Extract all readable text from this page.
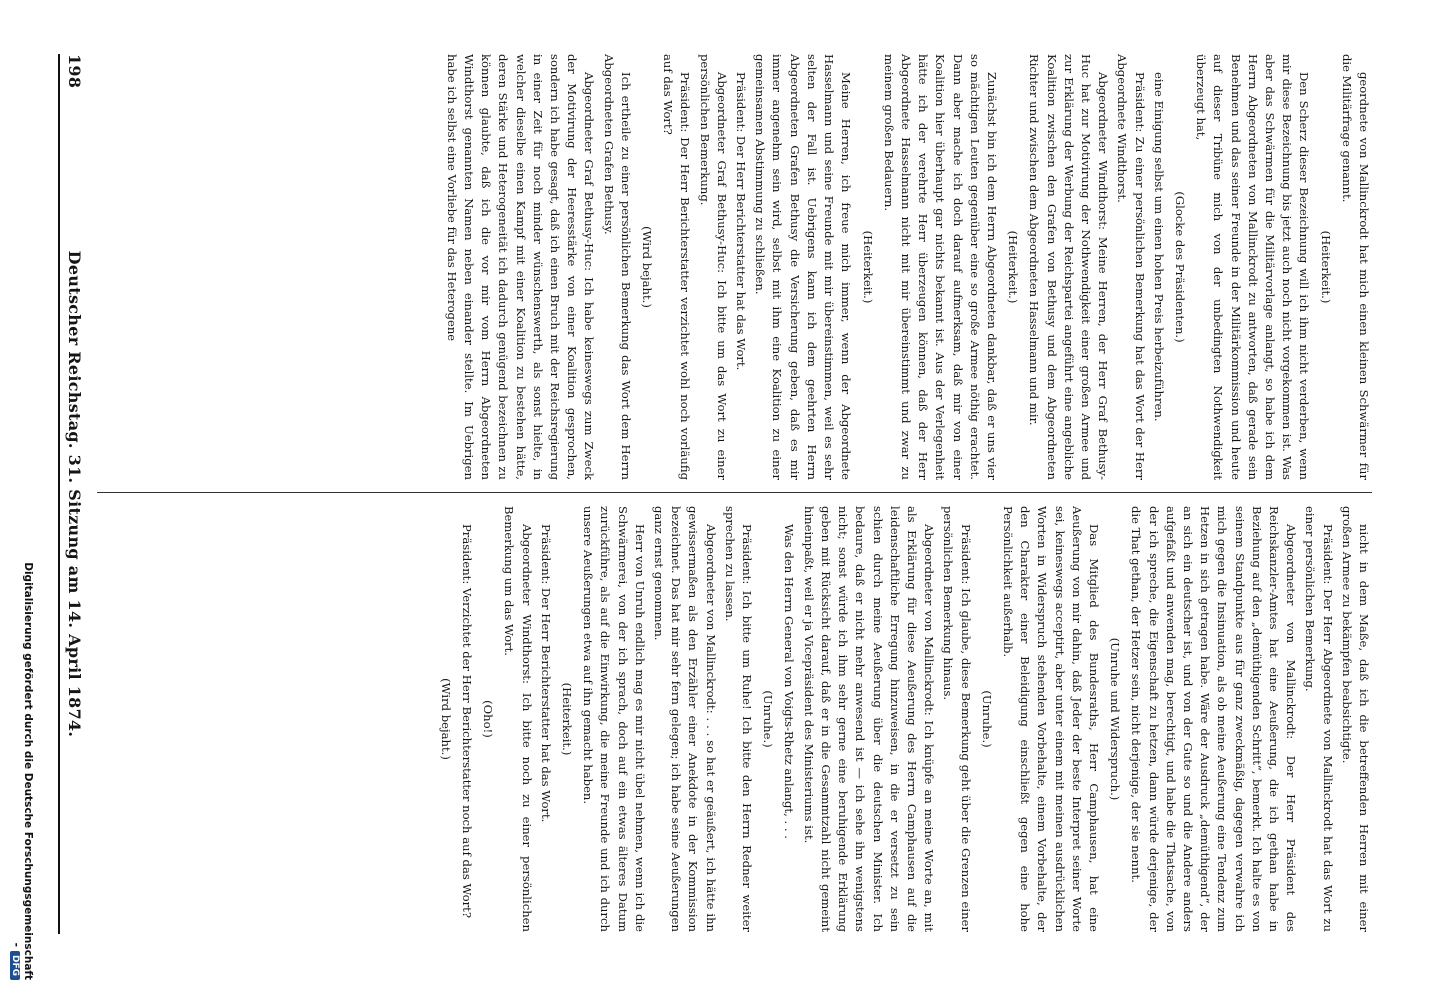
198
Deutscher Reichstag. 31. Sitzung am 14. April 1874.	geordnete von Mallinckrodt hat mich einen kleinen Schwärmer für die Militärfrage genannt.

(Heiterkeit.)

Den Scherz dieser Bezeichnung will ich ihm nicht verderben, wenn mir diese Bezeichnung bis jetzt auch noch nicht vorgekommen ist. Was aber das Schwärmen für die Militärvorlage anlangt, so habe ich dem Herrn Abgeordneten von Mallinckrodt zu antworten, daß gerade sein Benehmen und das seiner Freunde in der Militärkommission und heute auf dieser Tribüne mich von der unbedingten Nothwendigkeit überzeugt hat,

(Glocke des Präsidenten.)

eine Einigung selbst um einen hohen Preis herbeizuführen.

Präsident: Zu einer persönlichen Bemerkung hat das Wort der Herr Abgeordnete Windthorst.

Abgeordneter Windthorst: Meine Herren, der Herr Graf Bethusy-Huc hat zur Motivirung der Nothwendigkeit einer großen Armee und zur Erklärung der Werbung der Reichspartei angeführt eine angebliche Koalition zwischen den Grafen von Bethusy und dem Abgeordneten Richter und zwischen dem Abgeordneten Hasselmann und mir.

(Heiterkeit.)

Zunächst bin ich dem Herrn Abgeordneten dankbar, daß er uns vier so mächtigen Leuten gegenüber eine so große Armee nöthig erachtet. Dann aber mache ich doch darauf aufmerksam, daß mir von einer Koalition hier überhaupt gar nichts bekannt ist. Aus der Verlegenheit hätte ich der verehrte Herr überzeugen können, daß der Herr Abgeordnete Hasselmann nicht mit mir übereinstimmt und zwar zu meinem großen Bedauern.

(Heiterkeit.)

Meine Herren, ich freue mich immer, wenn der Abgeordnete Hasselmann und seine Freunde mit mir übereinstimmen, weil es sehr selten der Fall ist. Uebrigens kann ich dem geehrten Herrn Abgeordneten Grafen Bethusy die Versicherung geben, daß es mir immer angenehm sein wird, selbst mit ihm eine Koalition zu einer gemeinsamen Abstimmung zu schließen.

Präsident: Der Herr Berichterstatter hat das Wort.

Abgeordneter Graf Bethusy-Huc: Ich bitte um das Wort zu einer persönlichen Bemerkung.

Präsident: Der Herr Berichterstatter verzichtet wohl noch vorläufig auf das Wort?

(Wird bejaht.)

Ich ertheile zu einer persönlichen Bemerkung das Wort dem Herrn Abgeordneten Grafen Bethusy.

Abgeordneter Graf Bethusy-Huc: Ich habe keineswegs zum Zweck der Motivirung der Heeresstärke von einer Koalition gesprochen, sondern ich habe gesagt, daß ich einen Bruch mit der Reichsregierung in einer Zeit für noch minder wünschenswerth, als sonst hielte, in welcher dieselbe einen Kampf mit einer Koalition zu bestehen hätte, deren Stärke und Heterogeneität ich dadurch genügend bezeichnen zu können glaubte, daß ich die vor mir vom Herrn Abgeordneten Windthorst genannten Namen neben einander stellte. Im Uebrigen habe ich selbst eine Vorliebe für das Heterogene

nicht in dem Maße, daß ich die betreffenden Herren mit einer großen Armee zu bekämpfen beabsichtigte.

Präsident: Der Herr Abgeordnete von Mallinckrodt hat das Wort zu einer persönlichen Bemerkung.

Abgeordneter von Mallinckrodt: Der Herr Präsident des Reichskanzler-Amtes hat eine Aeußerung, die ich gethan habe in Beziehung auf den „demüthigenden Schritt“, bemerkt. Ich halte es von seinem Standpunkte aus für ganz zweckmäßig, dagegen verwahre ich mich gegen die Insinuation, als ob meine Aeußerung eine Tendenz zum Hetzen in sich getragen habe. Wäre der Ausdruck „demüthigend“, der an sich ein deutscher ist, und von der Gute so und die Andere anders aufgefaßt und anwenden mag, berechtigt, und habe die Thatsache, von der ich spreche, die Eigenschaft zu hetzen, dann würde derjenige, der die That gethan, der Hetzer sein, nicht derjenige, der sie nennt.

(Unruhe und Widerspruch.)

Das Mitglied des Bundesraths, Herr Camphausen, hat eine Aeußerung von mir dahin, daß Jeder der beste Interpret seiner Worte sei, keineswegs acceptirt, aber unter einem mit meinen ausdrücklichen Worten in Widerspruch stehenden Vorbehalte, einem Vorbehalte, der den Charakter einer Beleidigung einschließt gegen eine hohe Persönlichkeit außerhalb.

(Unruhe.)

Präsident: Ich glaube, diese Bemerkung geht über die Grenzen einer persönlichen Bemerkung hinaus.

Abgeordneter von Mallinckrodt: Ich knüpfe an meine Worte an, mit als Erklärung für diese Aeußerung des Herrn Camphausen auf die leidenschaftliche Erregung hinzuweisen, in die er versetzt zu sein schien durch meine Aeußerung über die deutschen Minister. Ich bedaure, daß er nicht mehr anwesend ist — ich sehe ihn wenigstens nicht; sonst würde ich ihm sehr gerne eine beruhigende Erklärung geben mit Rücksicht darauf, daß er in die Gesammtzahl nicht gemeint hineinpaßt, weil er ja Vicepräsident des Ministeriums ist.

Was den Herrn General von Voigts-Rhetz anlangt, . . .

(Unruhe.)

Präsident: Ich bitte um Ruhe! Ich bitte den Herrn Redner weiter sprechen zu lassen.

Abgeordneter von Mallinckrodt: . . . so hat er geäußert, ich hätte ihn gewissermaßen als den Erzähler einer Anekdote in der Kommission bezeichnet. Das hat mir sehr fern gelegen; ich habe seine Aeußerungen ganz ernst genommen.

Herr von Unruh endlich mag es mir nicht übel nehmen, wenn ich die Schwärmerei, von der ich sprach, doch auf ein etwas älteres Datum zurückführe, als auf die Einwirkung, die meine Freunde und ich durch unsere Aeußerungen etwa auf ihn gemacht haben.

(Heiterkeit.)

Präsident: Der Herr Berichterstatter hat das Wort.

Abgeordneter Windthorst: Ich bitte noch zu einer persönlichen Bemerkung um das Wort.

(Oho!)

Präsident: Verzichtet der Herr Berichterstatter noch auf das Wort?

(Wird bejaht.)

Digitalisierung gefördert durch die Deutsche Forschungsgemeinschaft -DFG
